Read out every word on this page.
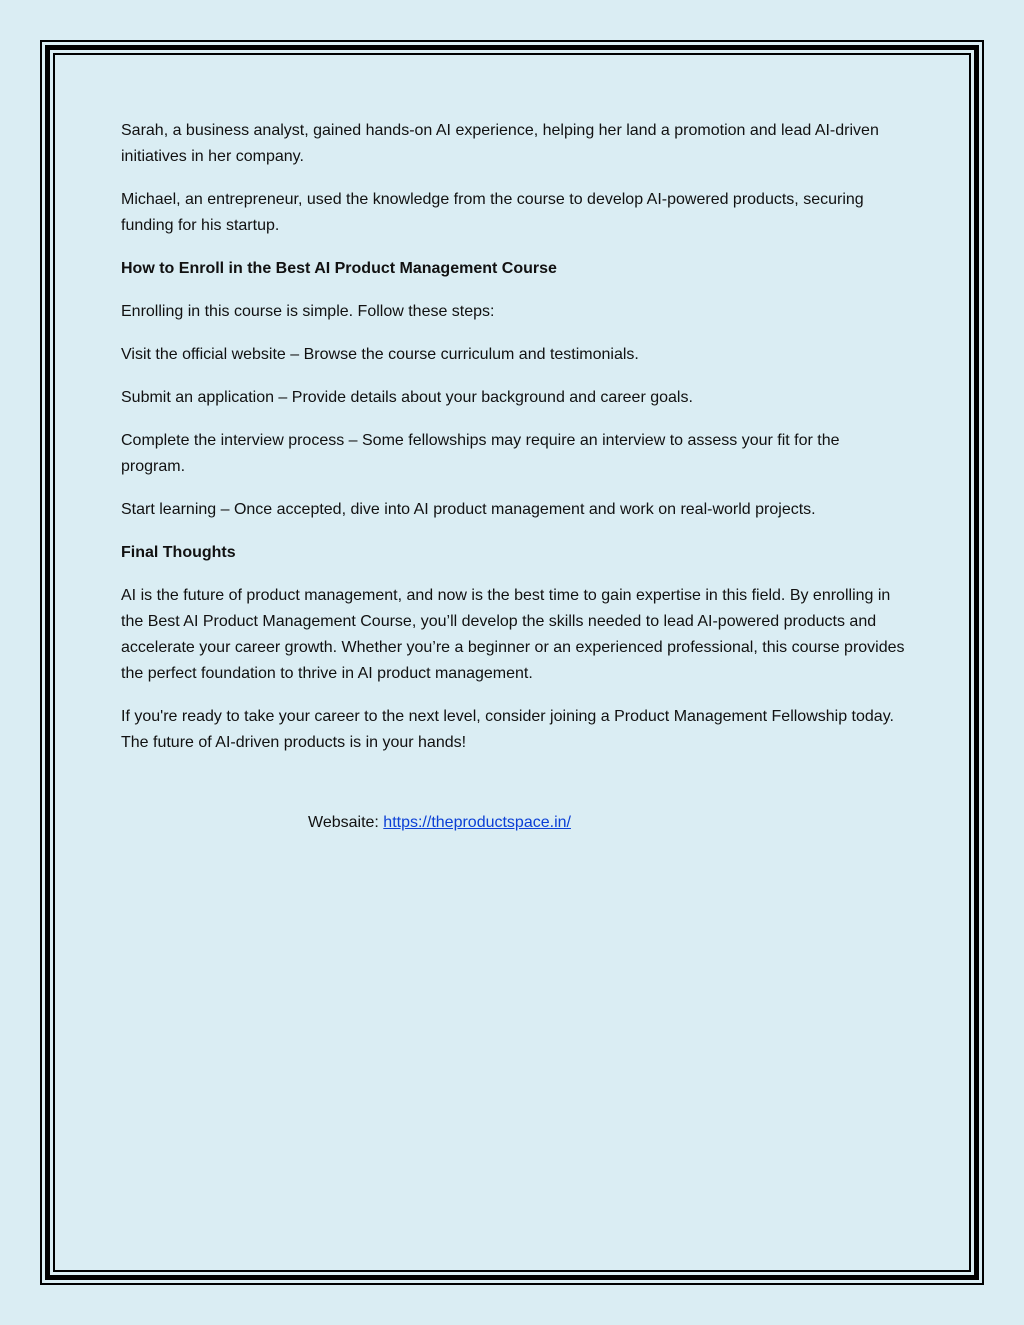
Sarah, a business analyst, gained hands-on AI experience, helping her land a promotion and lead AI-driven initiatives in her company.

Michael, an entrepreneur, used the knowledge from the course to develop AI-powered products, securing funding for his startup.

How to Enroll in the Best AI Product Management Course

Enrolling in this course is simple. Follow these steps:

Visit the official website – Browse the course curriculum and testimonials.

Submit an application – Provide details about your background and career goals.

Complete the interview process – Some fellowships may require an interview to assess your fit for the program.

Start learning – Once accepted, dive into AI product management and work on real-world projects.

Final Thoughts

AI is the future of product management, and now is the best time to gain expertise in this field. By enrolling in the Best AI Product Management Course, you’ll develop the skills needed to lead AI-powered products and accelerate your career growth. Whether you’re a beginner or an experienced professional, this course provides the perfect foundation to thrive in AI product management.

If you're ready to take your career to the next level, consider joining a Product Management Fellowship today. The future of AI-driven products is in your hands!

Websaite: https://theproductspace.in/
